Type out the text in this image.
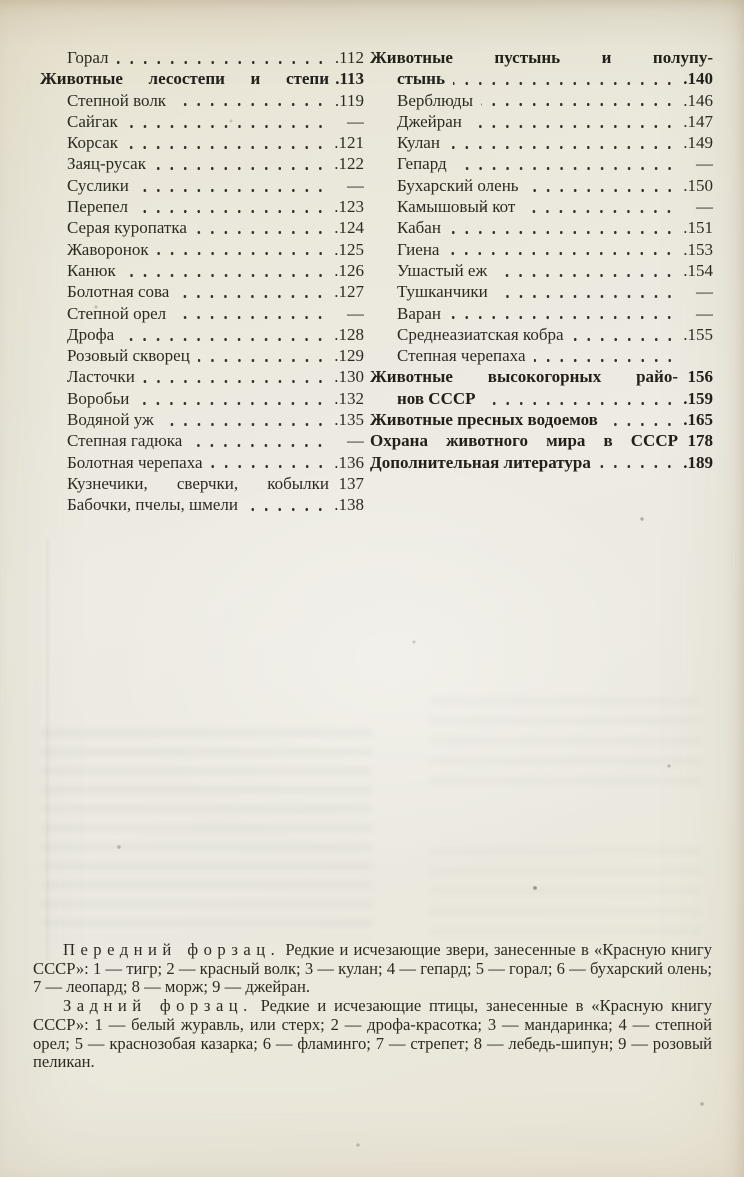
Горал	.112
Животные лесостепи и степи .113
Степной волк	.119
Сайгак	—
Корсак	.121
Заяц-русак	.122
Суслики	—
Перепел	.123
Серая куропатка	.124
Жаворонок	.125
Канюк	.126
Болотная сова	.127
Степной орел	—
Дрофа	.128
Розовый скворец	.129
Ласточки	.130
Воробьи	.132
Водяной уж	.135
Степная гадюка	—
Болотная черепаха	.136
Кузнечики, сверчки, кобылки 137
Бабочки, пчелы, шмели	.138
Животные пустынь и полупу-
стынь	.140
Верблюды	.146
Джейран	.147
Кулан	.149
Гепард	—
Бухарский олень	.150
Камышовый кот	—
Кабан	.151
Гиена	.153
Ушастый еж	.154
Тушканчики	—
Варан	—
Среднеазиатская кобра	.155
Степная черепаха
Животные высокогорных райо- 156
нов СССР	.159
Животные пресных водоемов	.165
Охрана животного мира в СССР 178
Дополнительная литература	.189

Передний форзац. Редкие и исчезающие звери, занесенные в «Красную книгу СССР»: 1 — тигр; 2 — красный волк; 3 — кулан; 4 — гепард; 5 — горал; 6 — бухарский олень; 7 — леопард; 8 — морж; 9 — джейран.

Задний форзац. Редкие и исчезающие птицы, занесенные в «Красную книгу СССР»: 1 — белый журавль, или стерх; 2 — дрофа-красотка; 3 — мандаринка; 4 — степной орел; 5 — краснозобая казарка; 6 — фламинго; 7 — стрепет; 8 — лебедь-шипун; 9 — розовый пеликан.
